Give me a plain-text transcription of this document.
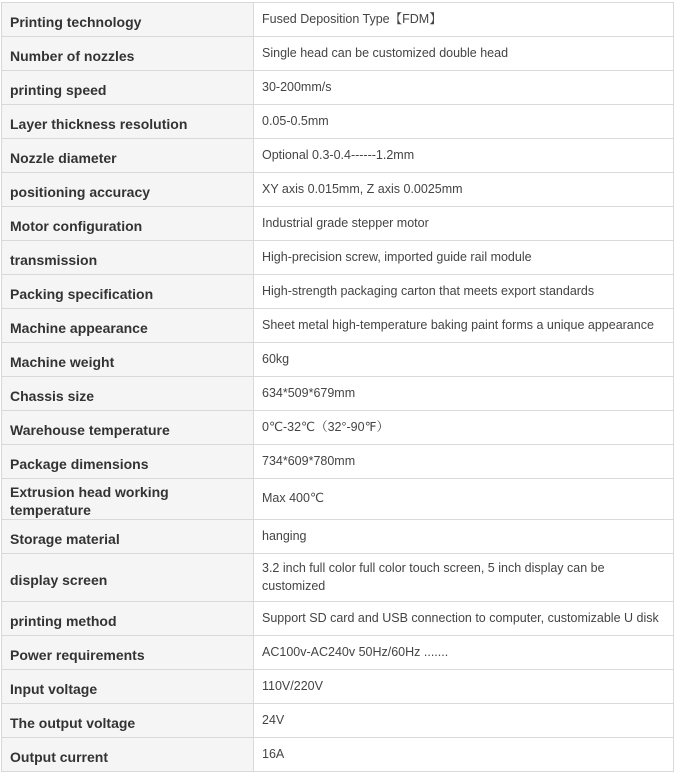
Printing technology	Fused Deposition Type【FDM】
Number of nozzles	Single head can be customized double head
printing speed	30-200mm/s
Layer thickness resolution	0.05-0.5mm
Nozzle diameter	Optional 0.3-0.4------1.2mm
positioning accuracy	XY axis 0.015mm, Z axis 0.0025mm
Motor configuration	Industrial grade stepper motor
transmission	High-precision screw, imported guide rail module
Packing specification	High-strength packaging carton that meets export standards
Machine appearance	Sheet metal high-temperature baking paint forms a unique appearance
Machine weight	60kg
Chassis size	634*509*679mm
Warehouse temperature	0℃-32℃（32°-90℉）
Package dimensions	734*609*780mm
Extrusion head working temperature	Max 400℃
Storage material	hanging
display screen	3.2 inch full color full color touch screen, 5 inch display can be customized
printing method	Support SD card and USB connection to computer, customizable U disk
Power requirements	AC100v-AC240v 50Hz/60Hz .......
Input voltage	110V/220V
The output voltage	24V
Output current	16A
